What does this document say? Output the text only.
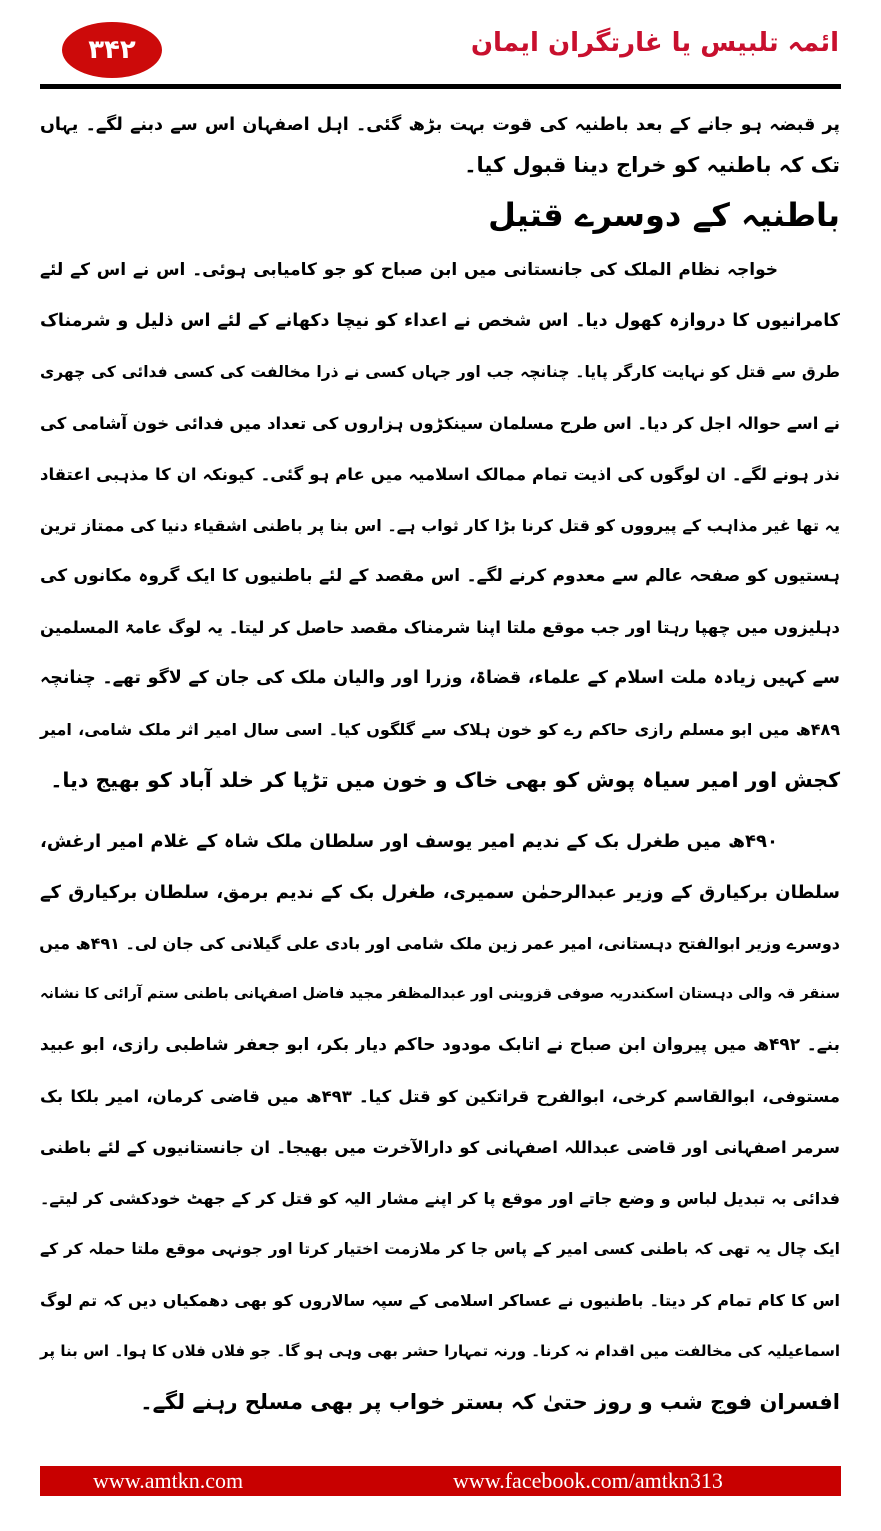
۳۴۲	ائمہ تلبیس یا غارتگران ایمان
پر قبضہ ہو جانے کے بعد باطنیہ کی قوت بہت بڑھ گئی۔ اہل اصفہان اس سے دبنے لگے۔ یہاں
تک کہ باطنیہ کو خراج دینا قبول کیا۔
باطنیہ کے دوسرے قتیل
خواجہ نظام الملک کی جانستانی میں ابن صباح کو جو کامیابی ہوئی۔ اس نے اس کے لئے
کامرانیوں کا دروازہ کھول دیا۔ اس شخص نے اعداء کو نیچا دکھانے کے لئے اس ذلیل و شرمناک
طرق سے قتل کو نہایت کارگر پایا۔ چنانچہ جب اور جہاں کسی نے ذرا مخالفت کی کسی فدائی کی چھری
نے اسے حوالہ اجل کر دیا۔ اس طرح مسلمان سینکڑوں ہزاروں کی تعداد میں فدائی خون آشامی کی
نذر ہونے لگے۔ ان لوگوں کی اذیت تمام ممالک اسلامیہ میں عام ہو گئی۔ کیونکہ ان کا مذہبی اعتقاد
یہ تھا غیر مذاہب کے پیرووں کو قتل کرنا بڑا کار ثواب ہے۔ اس بنا پر باطنی اشقیاء دنیا کی ممتاز ترین
ہستیوں کو صفحہ عالم سے معدوم کرنے لگے۔ اس مقصد کے لئے باطنیوں کا ایک گروہ مکانوں کی
دہلیزوں میں چھپا رہتا اور جب موقع ملتا اپنا شرمناک مقصد حاصل کر لیتا۔ یہ لوگ عامۃ المسلمین
سے کہیں زیادہ ملت اسلام کے علماء، قضاۃ، وزرا اور والیان ملک کی جان کے لاگو تھے۔ چنانچہ
۴۸۹ھ میں ابو مسلم رازی حاکم رے کو خون ہلاک سے گلگوں کیا۔ اسی سال امیر اثر ملک شامی، امیر
کجش اور امیر سیاہ پوش کو بھی خاک و خون میں تڑپا کر خلد آباد کو بھیج دیا۔
۴۹۰ھ میں طغرل بک کے ندیم امیر یوسف اور سلطان ملک شاہ کے غلام امیر ارغش،
سلطان برکیارق کے وزیر عبدالرحمٰن سمیری، طغرل بک کے ندیم برمق، سلطان برکیارق کے
دوسرے وزیر ابوالفتح دہستانی، امیر عمر زین ملک شامی اور بادی علی گیلانی کی جان لی۔ ۴۹۱ھ میں
سنقر قہ والی دہستان اسکندریہ صوفی قزوینی اور عبدالمظفر مجید فاضل اصفہانی باطنی ستم آرائی کا نشانہ
بنے۔ ۴۹۲ھ میں پیروان ابن صباح نے اتابک مودود حاکم دیار بکر، ابو جعفر شاطبی رازی، ابو عبید
مستوفی، ابوالقاسم کرخی، ابوالفرح قراتکین کو قتل کیا۔ ۴۹۳ھ میں قاضی کرمان، امیر بلکا بک
سرمر اصفہانی اور قاضی عبداللہ اصفہانی کو دارالآخرت میں بھیجا۔ ان جانستانیوں کے لئے باطنی
فدائی بہ تبدیل لباس و وضع جاتے اور موقع پا کر اپنے مشار الیہ کو قتل کر کے جھٹ خودکشی کر لیتے۔
ایک چال یہ تھی کہ باطنی کسی امیر کے پاس جا کر ملازمت اختیار کرتا اور جونہی موقع ملتا حملہ کر کے
اس کا کام تمام کر دیتا۔ باطنیوں نے عساکر اسلامی کے سپہ سالاروں کو بھی دھمکیاں دیں کہ تم لوگ
اسماعیلیہ کی مخالفت میں اقدام نہ کرنا۔ ورنہ تمہارا حشر بھی وہی ہو گا۔ جو فلاں فلاں کا ہوا۔ اس بنا پر
افسران فوج شب و روز حتیٰ کہ بستر خواب پر بھی مسلح رہنے لگے۔
www.amtkn.com	www.facebook.com/amtkn313
